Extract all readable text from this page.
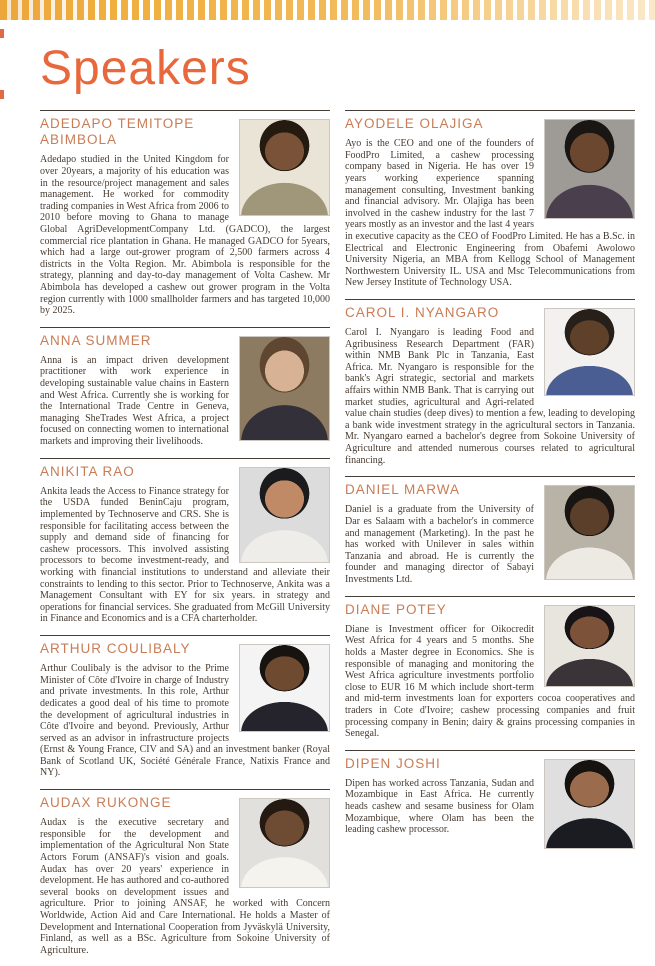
Speakers
ADEDAPO TEMITOPE ABIMBOLA

Adedapo studied in the United Kingdom for over 20years, a majority of his education was in the resource/project management and sales management. He worked for commodity trading companies in West Africa from 2006 to 2010 before moving to Ghana to manage Global AgriDevelopmentCompany Ltd. (GADCO), the largest commercial rice plantation in Ghana. He managed GADCO for 5years, which had a large out-grower program of 2,500 farmers across 4 districts in the Volta Region. Mr. Abimbola is responsible for the strategy, planning and day-to-day management of Volta Cashew. Mr Abimbola has developed a cashew out grower program in the Volta region currently with 1000 smallholder farmers and has targeted 10,000 by 2025.

ANNA SUMMER

Anna is an impact driven development practitioner with work experience in developing sustainable value chains in Eastern and West Africa. Currently she is working for the International Trade Centre in Geneva, managing SheTrades West Africa, a project focused on connecting women to international markets and improving their livelihoods.

ANIKITA RAO

Ankita leads the Access to Finance strategy for the USDA funded BeninCaju program, implemented by Technoserve and CRS. She is responsible for facilitating access between the supply and demand side of financing for cashew processors. This involved assisting processors to become investment-ready, and working with financial institutions to understand and alleviate their constraints to lending to this sector. Prior to Technoserve, Ankita was a Management Consultant with EY for six years. in strategy and operations for financial services. She graduated from McGill University in Finance and Economics and is a CFA charterholder.

ARTHUR COULIBALY

Arthur Coulibaly is the advisor to the Prime Minister of Côte d'Ivoire in charge of Industry and private investments. In this role, Arthur dedicates a good deal of his time to promote the development of agricultural industries in Côte d'Ivoire and beyond. Previously, Arthur served as an advisor in infrastructure projects (Ernst & Young France, CIV and SA) and an investment banker (Royal Bank of Scotland UK, Société Générale France, Natixis France and NY).

AUDAX RUKONGE

Audax is the executive secretary and responsible for the development and implementation of the Agricultural Non State Actors Forum (ANSAF)'s vision and goals. Audax has over 20 years' experience in development. He has authored and co-authored several books on development issues and agriculture. Prior to joining ANSAF, he worked with Concern Worldwide, Action Aid and Care International. He holds a Master of Development and International Cooperation from Jyväskylä University, Finland, as well as a BSc. Agriculture from Sokoine University of Agriculture.

AYODELE OLAJIGA

Ayo is the CEO and one of the founders of FoodPro Limited, a cashew processing company based in Nigeria. He has over 19 years working experience spanning management consulting, Investment banking and financial advisory. Mr. Olajiga has been involved in the cashew industry for the last 7 years mostly as an investor and the last 4 years in executive capacity as the CEO of FoodPro Limited. He has a B.Sc. in Electrical and Electronic Engineering from Obafemi Awolowo University Nigeria, an MBA from Kellogg School of Management Northwestern University IL. USA and Msc Telecommunications from New Jersey Institute of Technology USA.

CAROL I. NYANGARO

Carol I. Nyangaro is leading Food and Agribusiness Research Department (FAR) within NMB Bank Plc in Tanzania, East Africa. Mr. Nyangaro is responsible for the bank's Agri strategic, sectorial and markets affairs within NMB Bank. That is carrying out market studies, agricultural and Agri-related value chain studies (deep dives) to mention a few, leading to developing a bank wide investment strategy in the agricultural sectors in Tanzania. Mr. Nyangaro earned a bachelor's degree from Sokoine University of Agriculture and attended numerous courses related to agricultural financing.

DANIEL MARWA

Daniel is a graduate from the University of Dar es Salaam with a bachelor's in commerce and management (Marketing). In the past he has worked with Unilever in sales within Tanzania and abroad. He is currently the founder and managing director of Sabayi Investments Ltd.

DIANE POTEY

Diane is Investment officer for Oikocredit West Africa for 4 years and 5 months. She holds a Master degree in Economics. She is responsible of managing and monitoring the West Africa agriculture investments portfolio close to EUR 16 M which include short-term and mid-term investments loan for exporters cocoa cooperatives and traders in Cote d'Ivoire; cashew processing companies and fruit processing company in Benin; dairy & grains processing companies in Senegal.

DIPEN JOSHI

Dipen has worked across Tanzania, Sudan and Mozambique in East Africa. He currently heads cashew and sesame business for Olam Mozambique, where Olam has been the leading cashew processor.
